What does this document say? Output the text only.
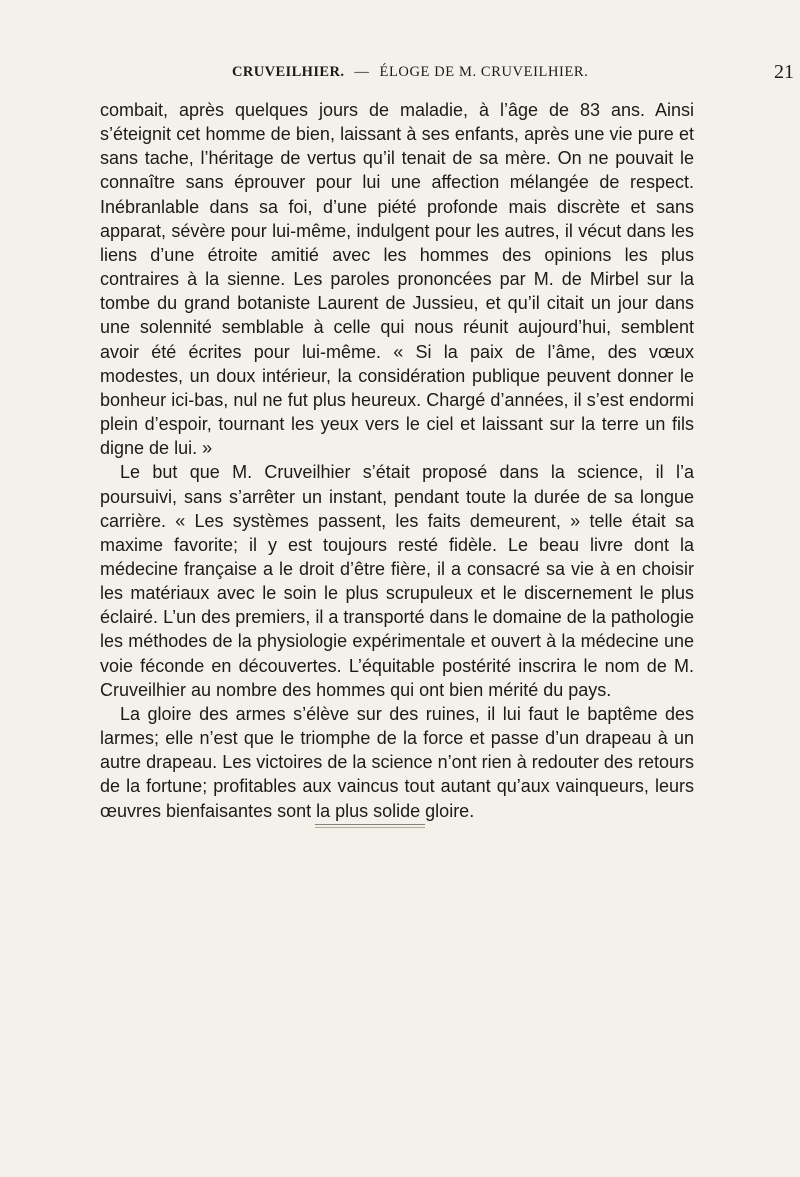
CRUVEILHIER. — ÉLOGE DE M. CRUVEILHIER.	21

combait, après quelques jours de maladie, à l’âge de 83 ans. Ainsi s’éteignit cet homme de bien, laissant à ses enfants, après une vie pure et sans tache, l’héritage de vertus qu’il tenait de sa mère. On ne pouvait le connaître sans éprouver pour lui une affection mélangée de respect. Inébranlable dans sa foi, d’une piété profonde mais discrète et sans apparat, sévère pour lui-même, indulgent pour les autres, il vécut dans les liens d’une étroite amitié avec les hommes des opinions les plus contraires à la sienne. Les paroles prononcées par M. de Mirbel sur la tombe du grand botaniste Laurent de Jussieu, et qu’il citait un jour dans une solennité semblable à celle qui nous réunit aujourd’hui, semblent avoir été écrites pour lui-même. « Si la paix de l’âme, des vœux modestes, un doux intérieur, la considération publique peuvent donner le bonheur ici-bas, nul ne fut plus heureux. Chargé d’années, il s’est endormi plein d’espoir, tournant les yeux vers le ciel et laissant sur la terre un fils digne de lui. »

Le but que M. Cruveilhier s’était proposé dans la science, il l’a poursuivi, sans s’arrêter un instant, pendant toute la durée de sa longue carrière. « Les systèmes passent, les faits demeurent, » telle était sa maxime favorite; il y est toujours resté fidèle. Le beau livre dont la médecine française a le droit d’être fière, il a consacré sa vie à en choisir les matériaux avec le soin le plus scrupuleux et le discernement le plus éclairé. L’un des premiers, il a transporté dans le domaine de la pathologie les méthodes de la physiologie expérimentale et ouvert à la médecine une voie féconde en découvertes. L’équitable postérité inscrira le nom de M. Cruveilhier au nombre des hommes qui ont bien mérité du pays.

La gloire des armes s’élève sur des ruines, il lui faut le baptême des larmes; elle n’est que le triomphe de la force et passe d’un drapeau à un autre drapeau. Les victoires de la science n’ont rien à redouter des retours de la fortune; profitables aux vaincus tout autant qu’aux vainqueurs, leurs œuvres bienfaisantes sont la plus solide gloire.
